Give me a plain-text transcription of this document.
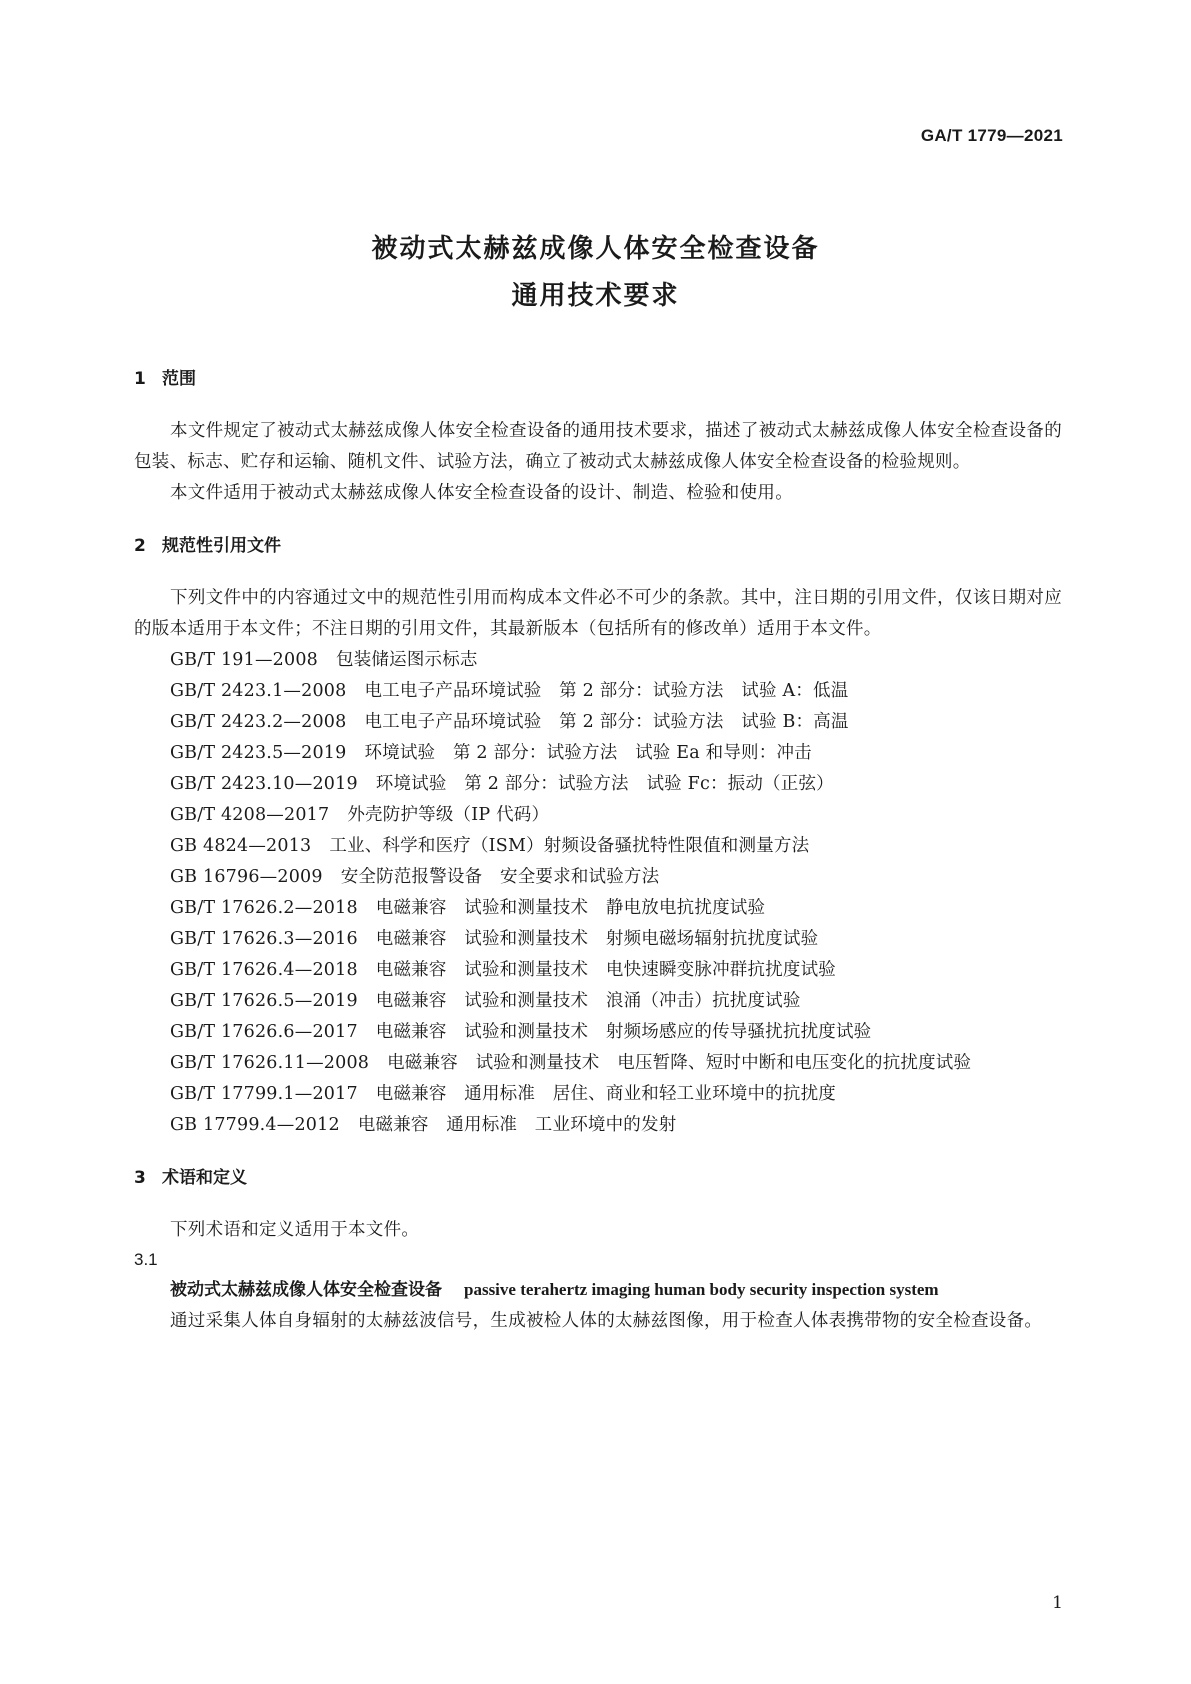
GA/T 1779—2021
被动式太赫兹成像人体安全检查设备
通用技术要求

1 范围

本文件规定了被动式太赫兹成像人体安全检查设备的通用技术要求，描述了被动式太赫兹成像人体安全检查设备的包装、标志、贮存和运输、随机文件、试验方法，确立了被动式太赫兹成像人体安全检查设备的检验规则。

本文件适用于被动式太赫兹成像人体安全检查设备的设计、制造、检验和使用。

2 规范性引用文件

下列文件中的内容通过文中的规范性引用而构成本文件必不可少的条款。其中，注日期的引用文件，仅该日期对应的版本适用于本文件；不注日期的引用文件，其最新版本（包括所有的修改单）适用于本文件。

GB/T 191—2008 包装储运图示标志

GB/T 2423.1—2008 电工电子产品环境试验　第 2 部分：试验方法　试验 A：低温

GB/T 2423.2—2008 电工电子产品环境试验　第 2 部分：试验方法　试验 B：高温

GB/T 2423.5—2019 环境试验　第 2 部分：试验方法　试验 Ea 和导则：冲击

GB/T 2423.10—2019 环境试验　第 2 部分：试验方法　试验 Fc：振动（正弦）

GB/T 4208—2017 外壳防护等级（IP 代码）

GB 4824—2013 工业、科学和医疗（ISM）射频设备骚扰特性限值和测量方法

GB 16796—2009 安全防范报警设备　安全要求和试验方法

GB/T 17626.2—2018 电磁兼容　试验和测量技术　静电放电抗扰度试验

GB/T 17626.3—2016 电磁兼容　试验和测量技术　射频电磁场辐射抗扰度试验

GB/T 17626.4—2018 电磁兼容　试验和测量技术　电快速瞬变脉冲群抗扰度试验

GB/T 17626.5—2019 电磁兼容　试验和测量技术　浪涌（冲击）抗扰度试验

GB/T 17626.6—2017 电磁兼容　试验和测量技术　射频场感应的传导骚扰抗扰度试验

GB/T 17626.11—2008 电磁兼容　试验和测量技术　电压暂降、短时中断和电压变化的抗扰度试验

GB/T 17799.1—2017 电磁兼容　通用标准　居住、商业和轻工业环境中的抗扰度

GB 17799.4—2012 电磁兼容　通用标准　工业环境中的发射

3 术语和定义

下列术语和定义适用于本文件。

3.1

被动式太赫兹成像人体安全检查设备 passive terahertz imaging human body security inspection system

通过采集人体自身辐射的太赫兹波信号，生成被检人体的太赫兹图像，用于检查人体表携带物的安全检查设备。

1
